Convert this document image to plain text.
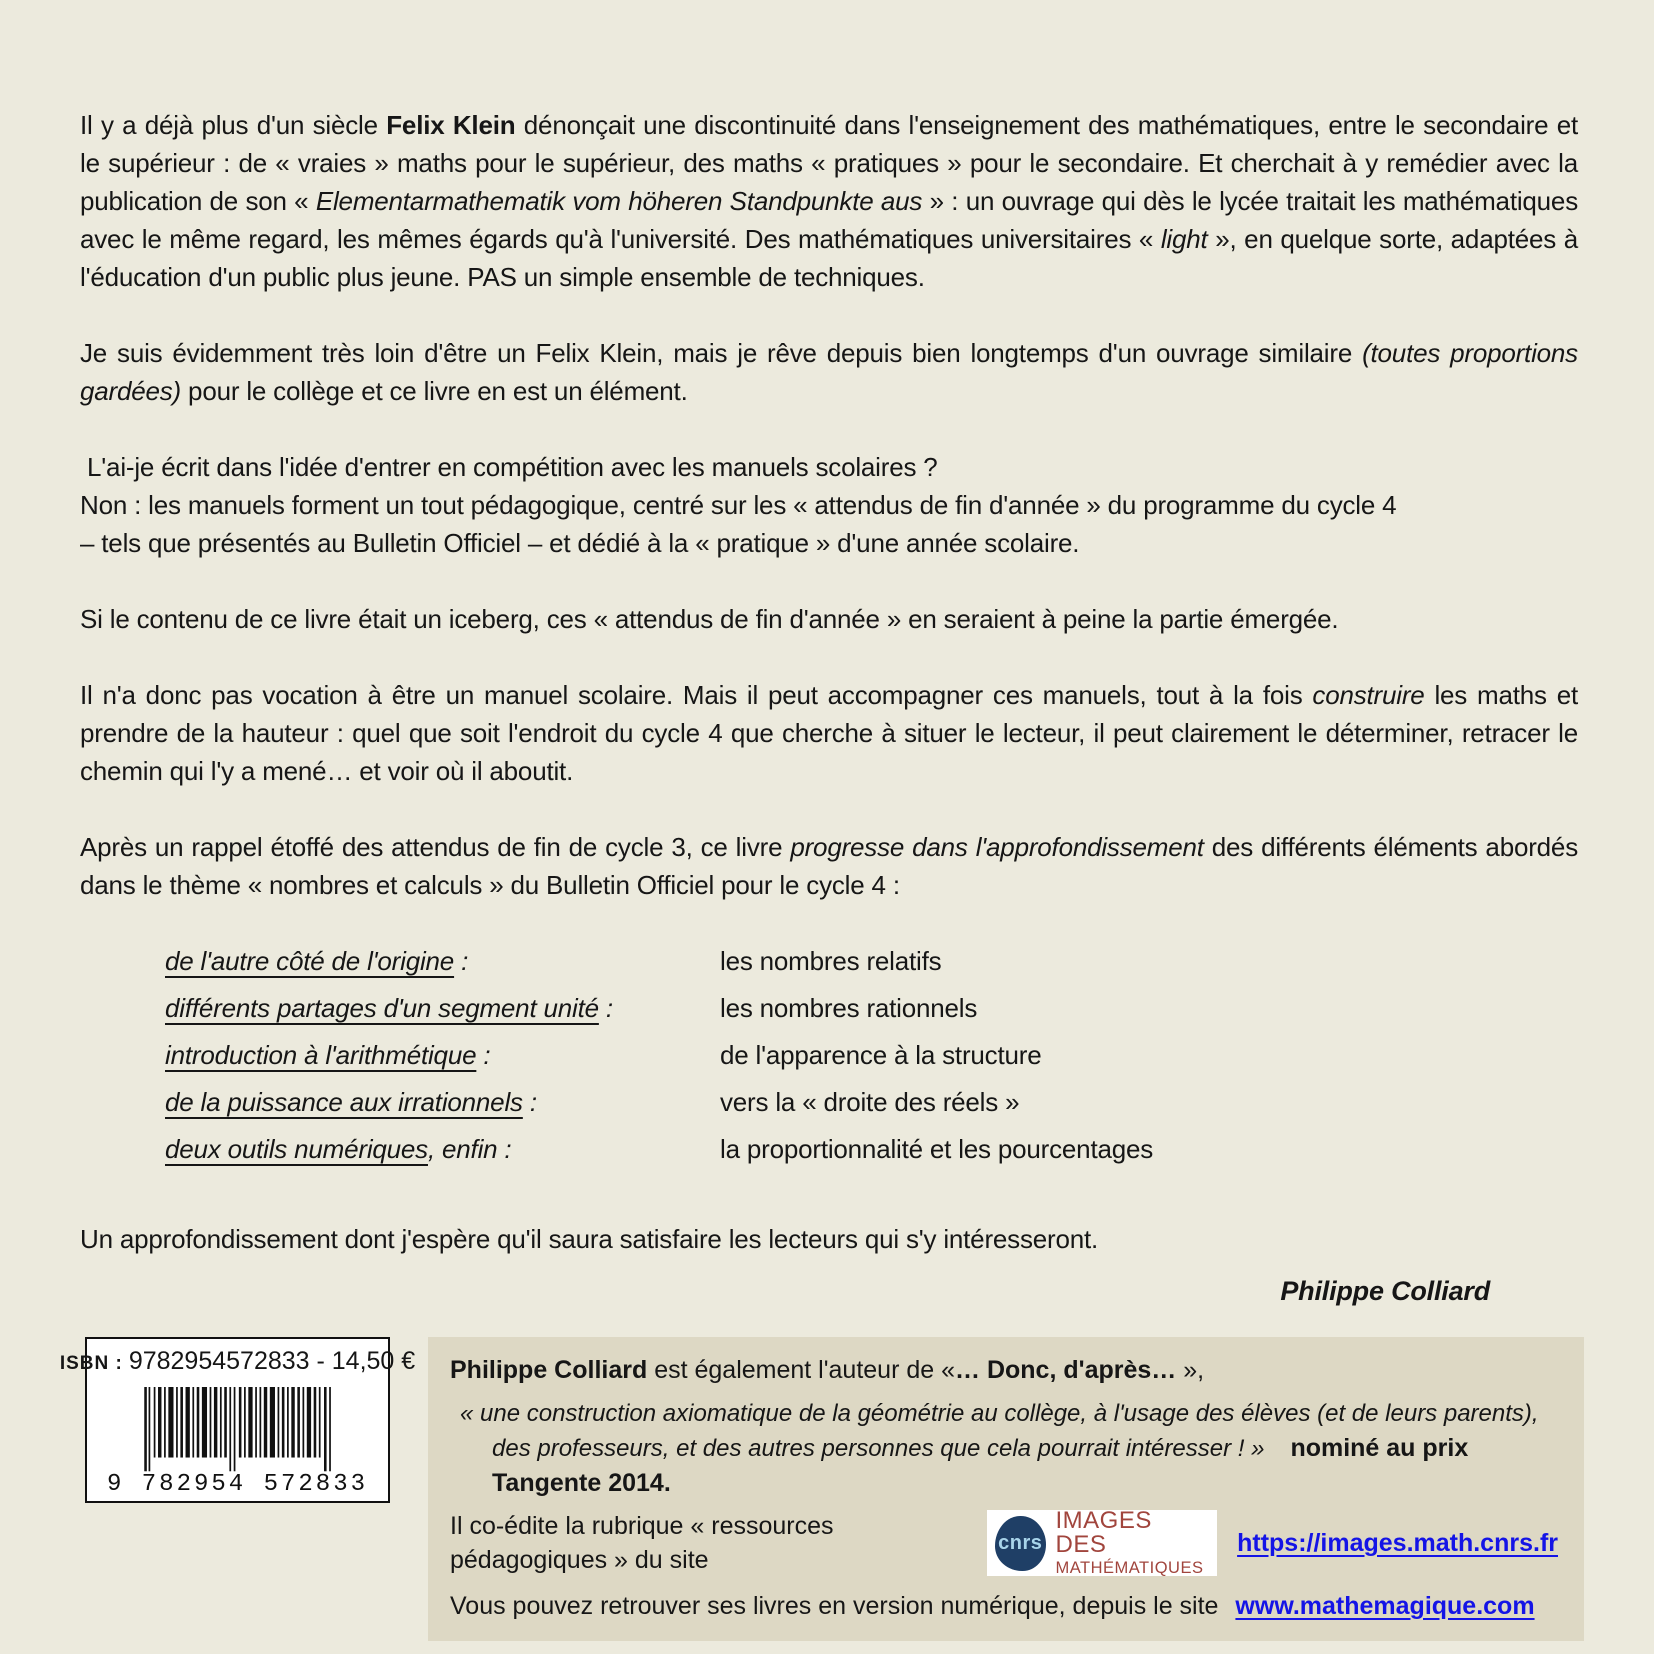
Il y a déjà plus d'un siècle Felix Klein dénonçait une discontinuité dans l'enseignement des mathématiques, entre le secondaire et le supérieur : de « vraies » maths pour le supérieur, des maths « pratiques » pour le secondaire. Et cherchait à y remédier avec la publication de son « Elementarmathematik vom höheren Standpunkte aus » : un ouvrage qui dès le lycée traitait les mathématiques avec le même regard, les mêmes égards qu'à l'université. Des mathématiques universitaires « light », en quelque sorte, adaptées à l'éducation d'un public plus jeune. PAS un simple ensemble de techniques.

Je suis évidemment très loin d'être un Felix Klein, mais je rêve depuis bien longtemps d'un ouvrage similaire (toutes proportions gardées) pour le collège et ce livre en est un élément.

L'ai-je écrit dans l'idée d'entrer en compétition avec les manuels scolaires ?
Non : les manuels forment un tout pédagogique, centré sur les « attendus de fin d'année » du programme du cycle 4
– tels que présentés au Bulletin Officiel – et dédié à la « pratique » d'une année scolaire.

Si le contenu de ce livre était un iceberg, ces « attendus de fin d'année » en seraient à peine la partie émergée.

Il n'a donc pas vocation à être un manuel scolaire. Mais il peut accompagner ces manuels, tout à la fois construire les maths et prendre de la hauteur : quel que soit l'endroit du cycle 4 que cherche à situer le lecteur, il peut clairement le déterminer, retracer le chemin qui l'y a mené… et voir où il aboutit.

Après un rappel étoffé des attendus de fin de cycle 3, ce livre progresse dans l'approfondissement des différents éléments abordés dans le thème « nombres et calculs » du Bulletin Officiel pour le cycle 4 :

de l'autre côté de l'origine :	les nombres relatifs
différents partages d'un segment unité :	les nombres rationnels
introduction à l'arithmétique :	de l'apparence à la structure
de la puissance aux irrationnels :	vers la « droite des réels »
deux outils numériques, enfin :	la proportionnalité et les pourcentages
Un approfondissement dont j'espère qu'il saura satisfaire les lecteurs qui s'y intéresseront.
Philippe Colliard
ISBN : 9782954572833 - 14,50 €
9 782954 572833
Philippe Colliard est également l'auteur de «… Donc, d'après… »,
« une construction axiomatique de la géométrie au collège, à l'usage des élèves (et de leurs parents),
des professeurs, et des autres personnes que cela pourrait intéresser ! » nominé au prix Tangente 2014.
Il co-édite la rubrique « ressources pédagogiques » du site
cnrs
IMAGES DES
MATHÉMATIQUES
https://images.math.cnrs.fr
Vous pouvez retrouver ses livres en version numérique, depuis le site www.mathemagique.com
